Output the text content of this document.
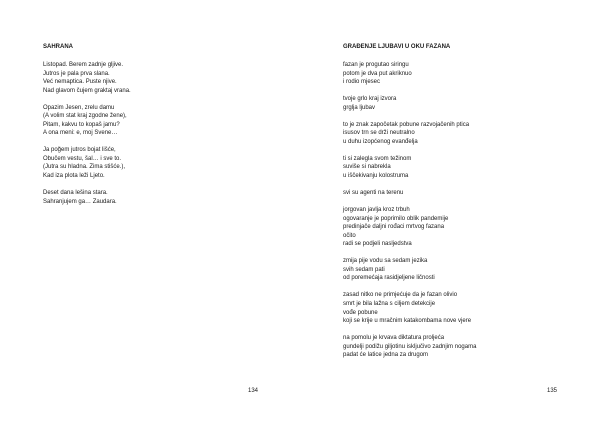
SAHRANA
Listopad. Berem zadnje gljive.
Jutros je pala prva slana.
Već nemaptica. Puste njive.
Nad glavom čujem graktaj vrana.
Opazim Jesen, zrelu damu
(A volim stat kraj zgodne žene),
Pitam, kakvu to kopaš jamu?
A ona meni: e, moj Svene…
Ja poğem jutros bojat lišće,
Obučem vestu, šal… i sve to.
(Jutra su hladna. Zima stišće.),
Kad iza plota leži Ljeto.
Deset dana lešina stara.
Sahranjujem ga… Zaudara.
134
GRAĐENJE LJUBAVI U OKU FAZANA
fazan je progutao siringu
potom je dva put akriknuo
i rodio mjesec
tvoje grlo kraj izvora
grglja ljubav
to je znak započetak pobune razvojačenih ptica
isusov trn se drži neutralno
u duhu izopćenog evanđelja
ti si zalegla svom težinom
suviše si nabrekla
u iščekivanju kolostruma
svi su agenti na terenu
jorgovan javlja kroz trbuh
ogovaranje je poprimilo oblik pandemije
predinjače daljni rođaci mrtvog fazana
očito
radi se podjeli nasljedstva
zmija pije vodu sa sedam jezika
svih sedam pati
od poremećaja rasidjeljene ličnosti
zasad nitko ne primjećuje da je fazan olivio
smrt je bila lažna s ciljem detekcije
vođe pobune
koji se krije u mračnim katakombama nove vjere
na pomolu je krvava diktatura proljeća
gundelji podižu giljotinu isključivo zadnjim nogama
padat će latice jedna za drugom
135
